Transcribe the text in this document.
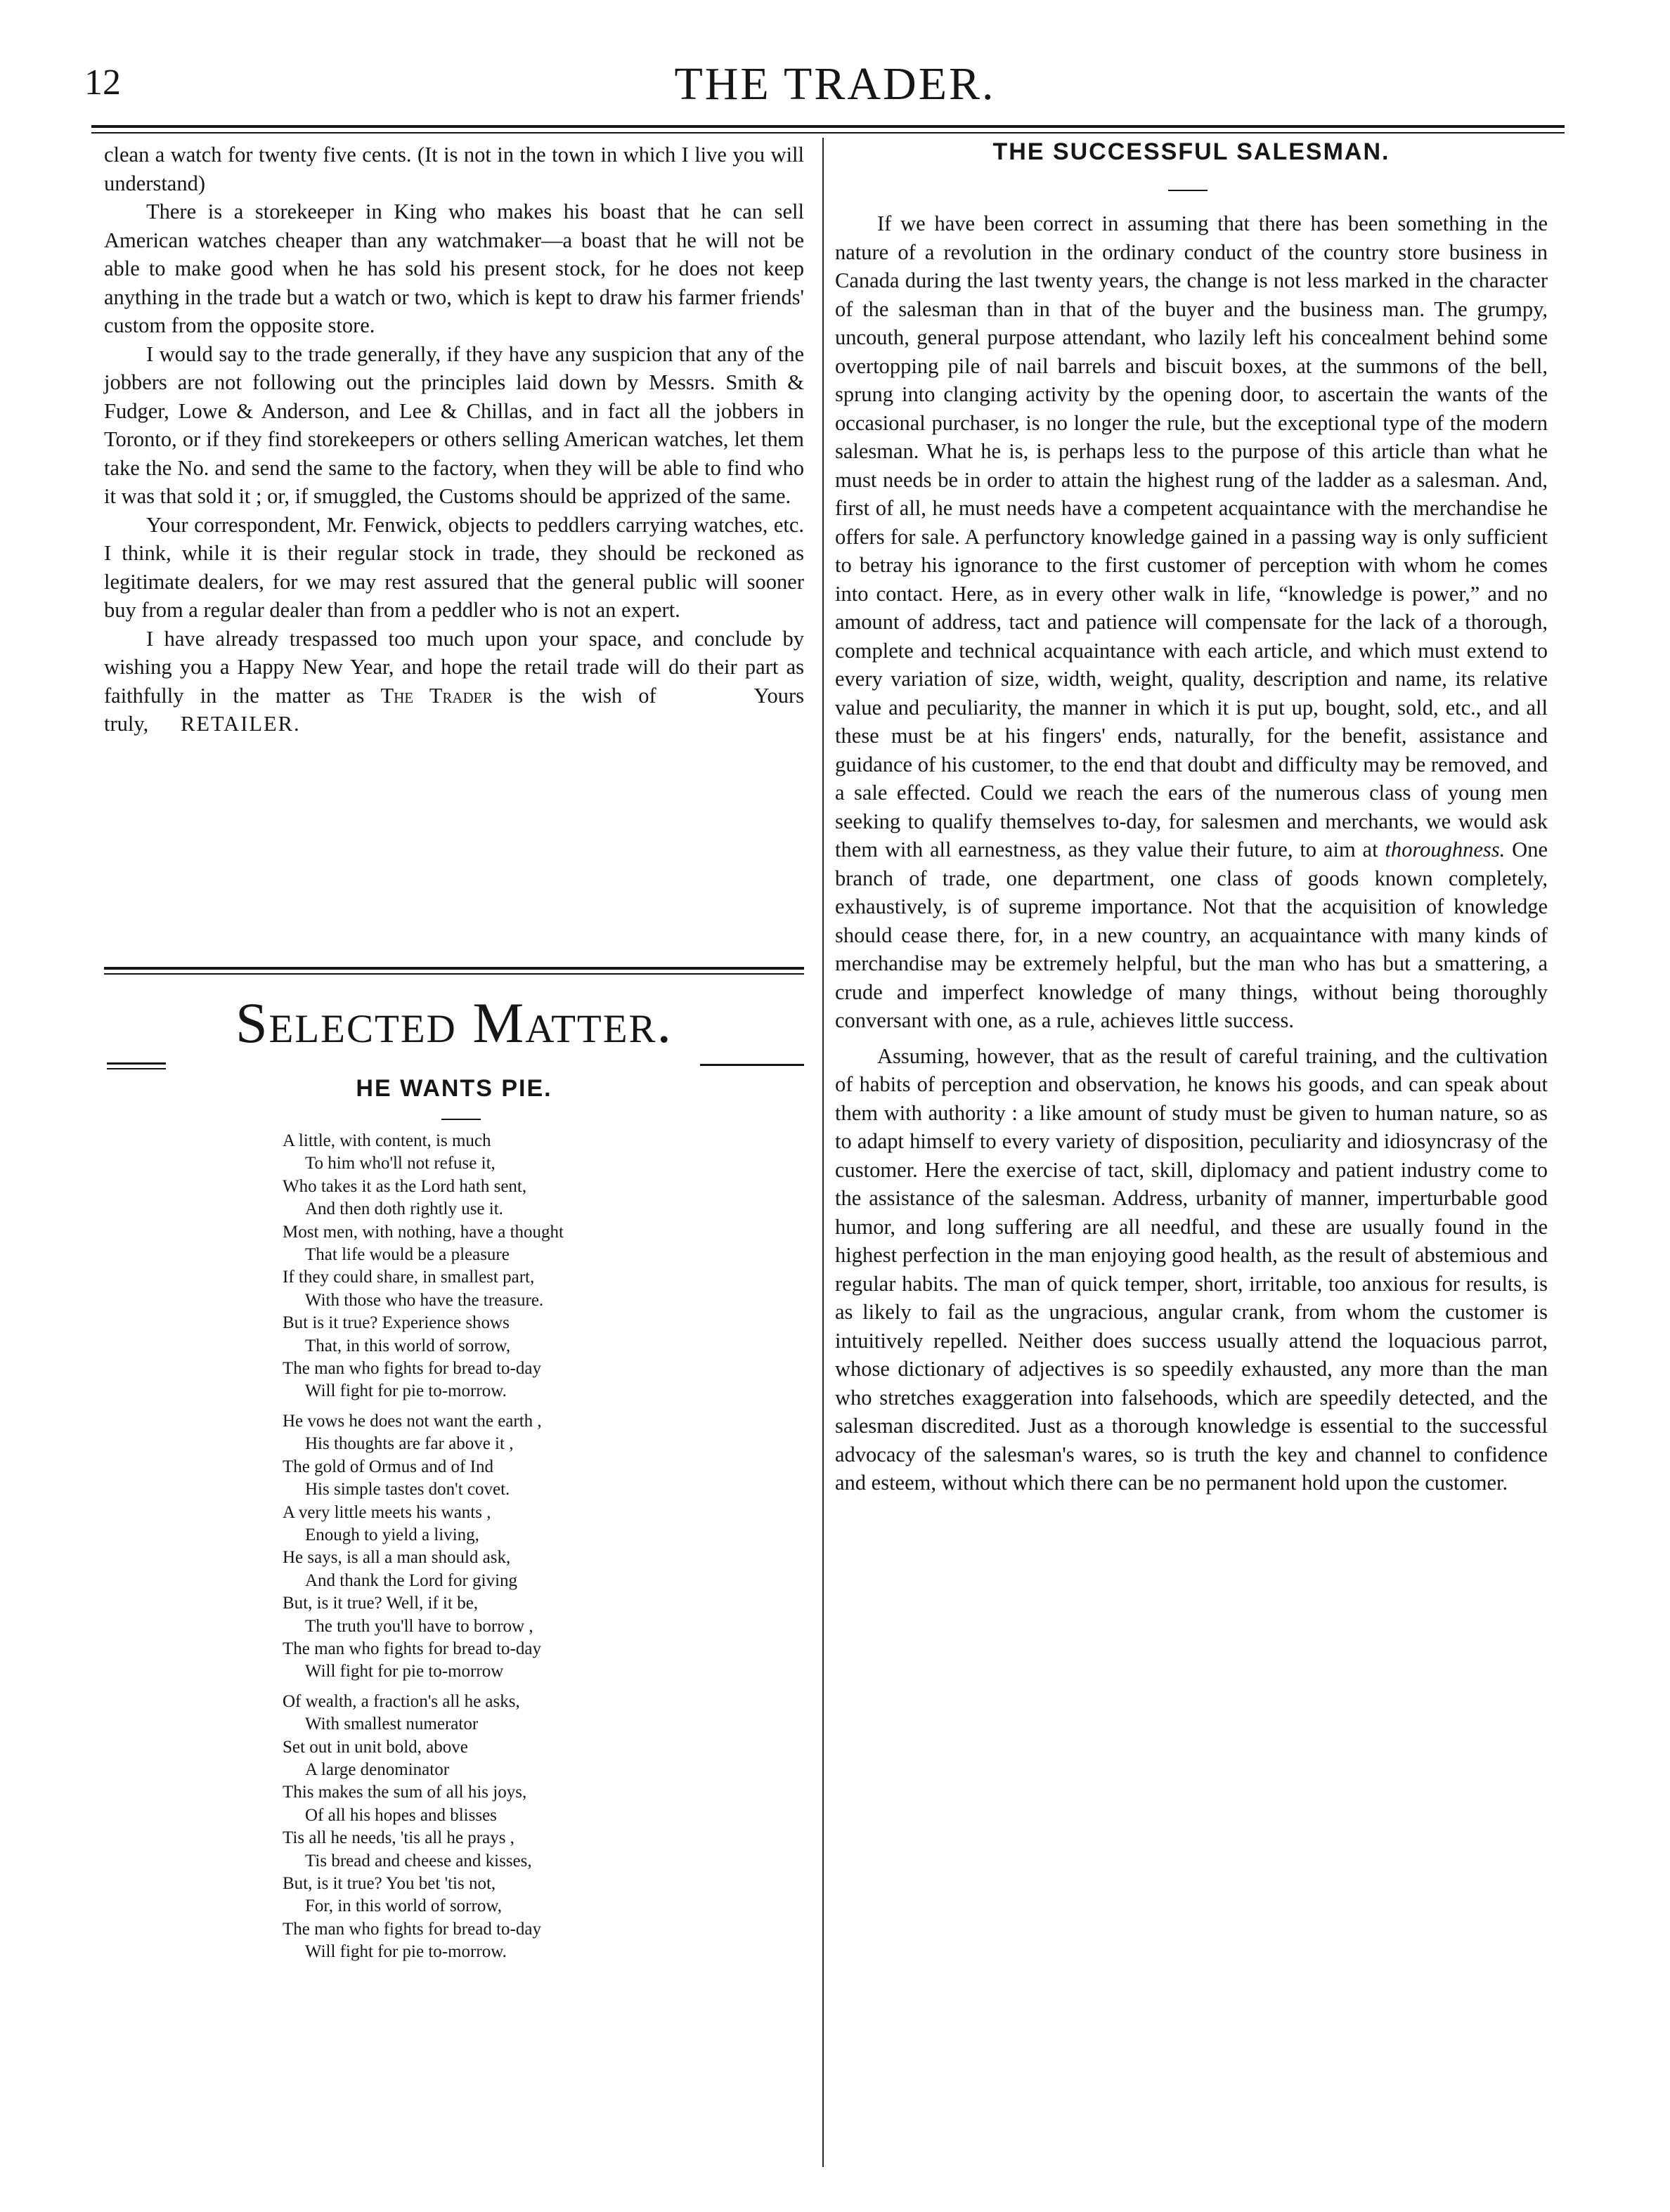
12	THE TRADER.

clean a watch for twenty five cents. (It is not in the town in which I live you will understand)

There is a storekeeper in King who makes his boast that he can sell American watches cheaper than any watchmaker—a boast that he will not be able to make good when he has sold his present stock, for he does not keep anything in the trade but a watch or two, which is kept to draw his farmer friends' custom from the opposite store.

I would say to the trade generally, if they have any suspicion that any of the jobbers are not following out the principles laid down by Messrs. Smith & Fudger, Lowe & Anderson, and Lee & Chillas, and in fact all the jobbers in Toronto, or if they find storekeepers or others selling American watches, let them take the No. and send the same to the factory, when they will be able to find who it was that sold it ; or, if smuggled, the Customs should be apprized of the same.

Your correspondent, Mr. Fenwick, objects to peddlers carrying watches, etc. I think, while it is their regular stock in trade, they should be reckoned as legitimate dealers, for we may rest assured that the general public will sooner buy from a regular dealer than from a peddler who is not an expert.

I have already trespassed too much upon your space, and conclude by wishing you a Happy New Year, and hope the retail trade will do their part as faithfully in the matter as The Trader is the wish of	Yours truly, RETAILER.

Selected Matter.
HE WANTS PIE.
A little, with content, is much
To him who'll not refuse it,
Who takes it as the Lord hath sent,
And then doth rightly use it.
Most men, with nothing, have a thought
That life would be a pleasure
If they could share, in smallest part,
With those who have the treasure.
But is it true? Experience shows
That, in this world of sorrow,
The man who fights for bread to-day
Will fight for pie to-morrow.
He vows he does not want the earth ,
His thoughts are far above it ,
The gold of Ormus and of Ind
His simple tastes don't covet.
A very little meets his wants ,
Enough to yield a living,
He says, is all a man should ask,
And thank the Lord for giving
But, is it true? Well, if it be,
The truth you'll have to borrow ,
The man who fights for bread to-day
Will fight for pie to-morrow
Of wealth, a fraction's all he asks,
With smallest numerator
Set out in unit bold, above
A large denominator
This makes the sum of all his joys,
Of all his hopes and blisses
Tis all he needs, 'tis all he prays ,
Tis bread and cheese and kisses,
But, is it true? You bet 'tis not,
For, in this world of sorrow,
The man who fights for bread to-day
Will fight for pie to-morrow.
THE SUCCESSFUL SALESMAN.

If we have been correct in assuming that there has been something in the nature of a revolution in the ordinary conduct of the country store business in Canada during the last twenty years, the change is not less marked in the character of the salesman than in that of the buyer and the business man. The grumpy, uncouth, general purpose attendant, who lazily left his concealment behind some overtopping pile of nail barrels and biscuit boxes, at the summons of the bell, sprung into clanging activity by the opening door, to ascertain the wants of the occasional purchaser, is no longer the rule, but the exceptional type of the modern salesman. What he is, is perhaps less to the purpose of this article than what he must needs be in order to attain the highest rung of the ladder as a salesman. And, first of all, he must needs have a competent acquaintance with the merchandise he offers for sale. A perfunctory knowledge gained in a passing way is only sufficient to betray his ignorance to the first customer of perception with whom he comes into contact. Here, as in every other walk in life, “knowledge is power,” and no amount of address, tact and patience will compensate for the lack of a thorough, complete and technical acquaintance with each article, and which must extend to every variation of size, width, weight, quality, description and name, its relative value and peculiarity, the manner in which it is put up, bought, sold, etc., and all these must be at his fingers' ends, naturally, for the benefit, assistance and guidance of his customer, to the end that doubt and difficulty may be removed, and a sale effected. Could we reach the ears of the numerous class of young men seeking to qualify themselves to-day, for salesmen and merchants, we would ask them with all earnestness, as they value their future, to aim at thoroughness. One branch of trade, one department, one class of goods known completely, exhaustively, is of supreme importance. Not that the acquisition of knowledge should cease there, for, in a new country, an acquaintance with many kinds of merchandise may be extremely helpful, but the man who has but a smattering, a crude and imperfect knowledge of many things, without being thoroughly conversant with one, as a rule, achieves little success.

Assuming, however, that as the result of careful training, and the cultivation of habits of perception and observation, he knows his goods, and can speak about them with authority : a like amount of study must be given to human nature, so as to adapt himself to every variety of disposition, peculiarity and idiosyncrasy of the customer. Here the exercise of tact, skill, diplomacy and patient industry come to the assistance of the salesman. Address, urbanity of manner, imperturbable good humor, and long suffering are all needful, and these are usually found in the highest perfection in the man enjoying good health, as the result of abstemious and regular habits. The man of quick temper, short, irritable, too anxious for results, is as likely to fail as the ungracious, angular crank, from whom the customer is intuitively repelled. Neither does success usually attend the loquacious parrot, whose dictionary of adjectives is so speedily exhausted, any more than the man who stretches exaggeration into falsehoods, which are speedily detected, and the salesman discredited. Just as a thorough knowledge is essential to the successful advocacy of the salesman's wares, so is truth the key and channel to confidence and esteem, without which there can be no permanent hold upon the customer.
